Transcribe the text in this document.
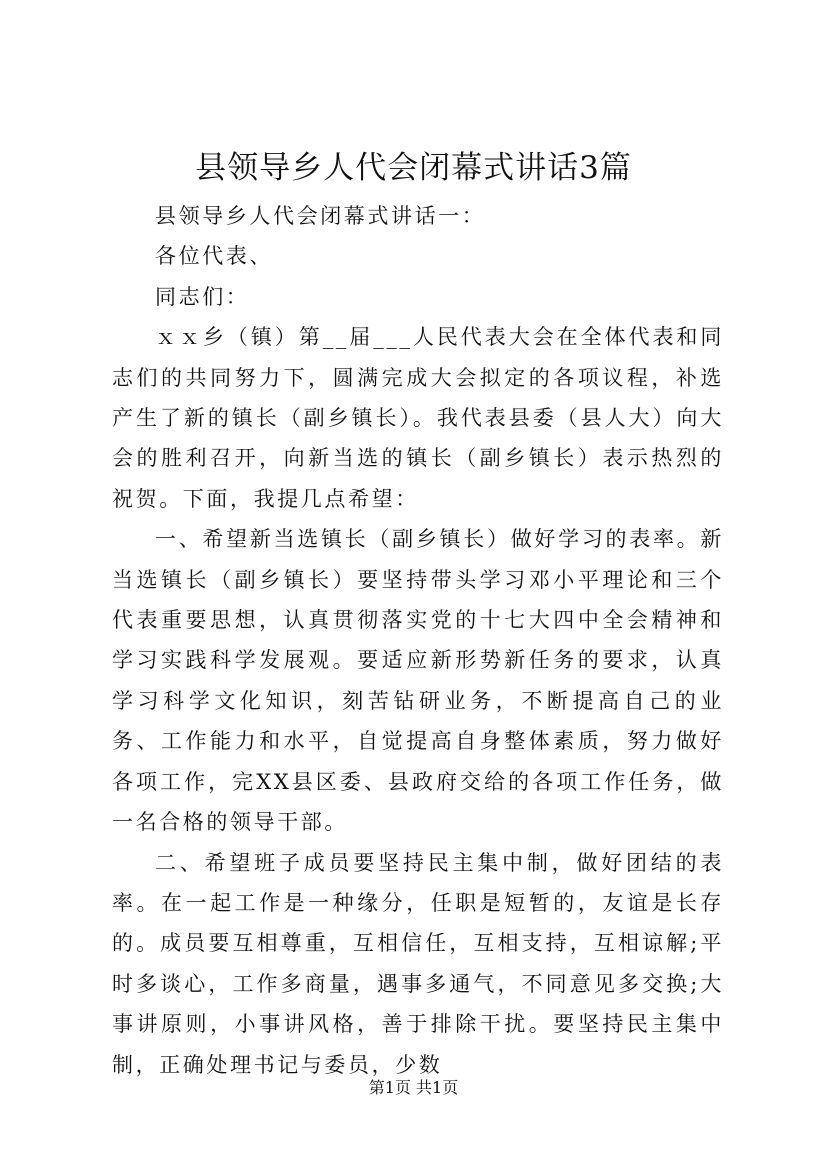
县领导乡人代会闭幕式讲话3篇

县领导乡人代会闭幕式讲话一：

各位代表、

同志们：

ｘｘ乡（镇）第__届___人民代表大会在全体代表和同志们的共同努力下，圆满完成大会拟定的各项议程，补选产生了新的镇长（副乡镇长）。我代表县委（县人大）向大会的胜利召开，向新当选的镇长（副乡镇长）表示热烈的祝贺。下面，我提几点希望：

一、希望新当选镇长（副乡镇长）做好学习的表率。新当选镇长（副乡镇长）要坚持带头学习邓小平理论和三个代表重要思想，认真贯彻落实党的十七大四中全会精神和学习实践科学发展观。要适应新形势新任务的要求，认真学习科学文化知识，刻苦钻研业务，不断提高自己的业务、工作能力和水平，自觉提高自身整体素质，努力做好各项工作，完XX县区委、县政府交给的各项工作任务，做一名合格的领导干部。

二、希望班子成员要坚持民主集中制，做好团结的表率。在一起工作是一种缘分，任职是短暂的，友谊是长存的。成员要互相尊重，互相信任，互相支持，互相谅解;平时多谈心，工作多商量，遇事多通气，不同意见多交换;大事讲原则，小事讲风格，善于排除干扰。要坚持民主集中制，正确处理书记与委员，少数

第1页 共1页
